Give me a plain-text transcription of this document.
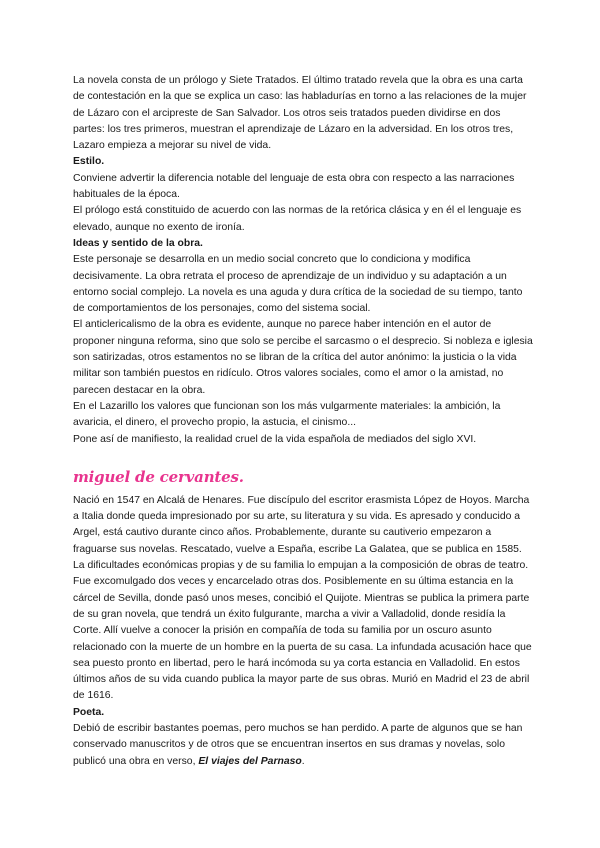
La novela consta de un prólogo y Siete Tratados. El último tratado revela que la obra es una carta de contestación en la que se explica un caso: las habladurías en torno a las relaciones de la mujer de Lázaro con el arcipreste de San Salvador. Los otros seis tratados pueden dividirse en dos partes: los tres primeros, muestran el aprendizaje de Lázaro en la adversidad. En los otros tres, Lazaro empieza a mejorar su nivel de vida.

Estilo.

Conviene advertir la diferencia notable del lenguaje de esta obra con respecto a las narraciones habituales de la época.

El prólogo está constituido de acuerdo con las normas de la retórica clásica y en él el lenguaje es elevado, aunque no exento de ironía.

Ideas y sentido de la obra.

Este personaje se desarrolla en un medio social concreto que lo condiciona y modifica decisivamente. La obra retrata el proceso de aprendizaje de un individuo y su adaptación a un entorno social complejo. La novela es una aguda y dura crítica de la sociedad de su tiempo, tanto de comportamientos de los personajes, como del sistema social.

El anticlericalismo de la obra es evidente, aunque no parece haber intención en el autor de proponer ninguna reforma, sino que solo se percibe el sarcasmo o el desprecio. Si nobleza e iglesia son satirizadas, otros estamentos no se libran de la crítica del autor anónimo: la justicia o la vida militar son también puestos en ridículo. Otros valores sociales, como el amor o la amistad, no parecen destacar en la obra.

En el Lazarillo los valores que funcionan son los más vulgarmente materiales: la ambición, la avaricia, el dinero, el provecho propio, la astucia, el cinismo...

Pone así de manifiesto, la realidad cruel de la vida española de mediados del siglo XVI.

miguel de cervantes.

Nació en 1547 en Alcalá de Henares. Fue discípulo del escritor erasmista López de Hoyos. Marcha a Italia donde queda impresionado por su arte, su literatura y su vida. Es apresado y conducido a Argel, está cautivo durante cinco años. Probablemente, durante su cautiverio empezaron a fraguarse sus novelas. Rescatado, vuelve a España, escribe La Galatea, que se publica en 1585. La dificultades económicas propias y de su familia lo empujan a la composición de obras de teatro.

Fue excomulgado dos veces y encarcelado otras dos. Posiblemente en su última estancia en la cárcel de Sevilla, donde pasó unos meses, concibió el Quijote. Mientras se publica la primera parte de su gran novela, que tendrá un éxito fulgurante, marcha a vivir a Valladolid, donde residía la Corte. Allí vuelve a conocer la prisión en compañía de toda su familia por un oscuro asunto relacionado con la muerte de un hombre en la puerta de su casa. La infundada acusación hace que sea puesto pronto en libertad, pero le hará incómoda su ya corta estancia en Valladolid. En estos últimos años de su vida cuando publica la mayor parte de sus obras. Murió en Madrid el 23 de abril de 1616.

Poeta.

Debió de escribir bastantes poemas, pero muchos se han perdido. A parte de algunos que se han conservado manuscritos y de otros que se encuentran insertos en sus dramas y novelas, solo publicó una obra en verso, El viajes del Parnaso.
